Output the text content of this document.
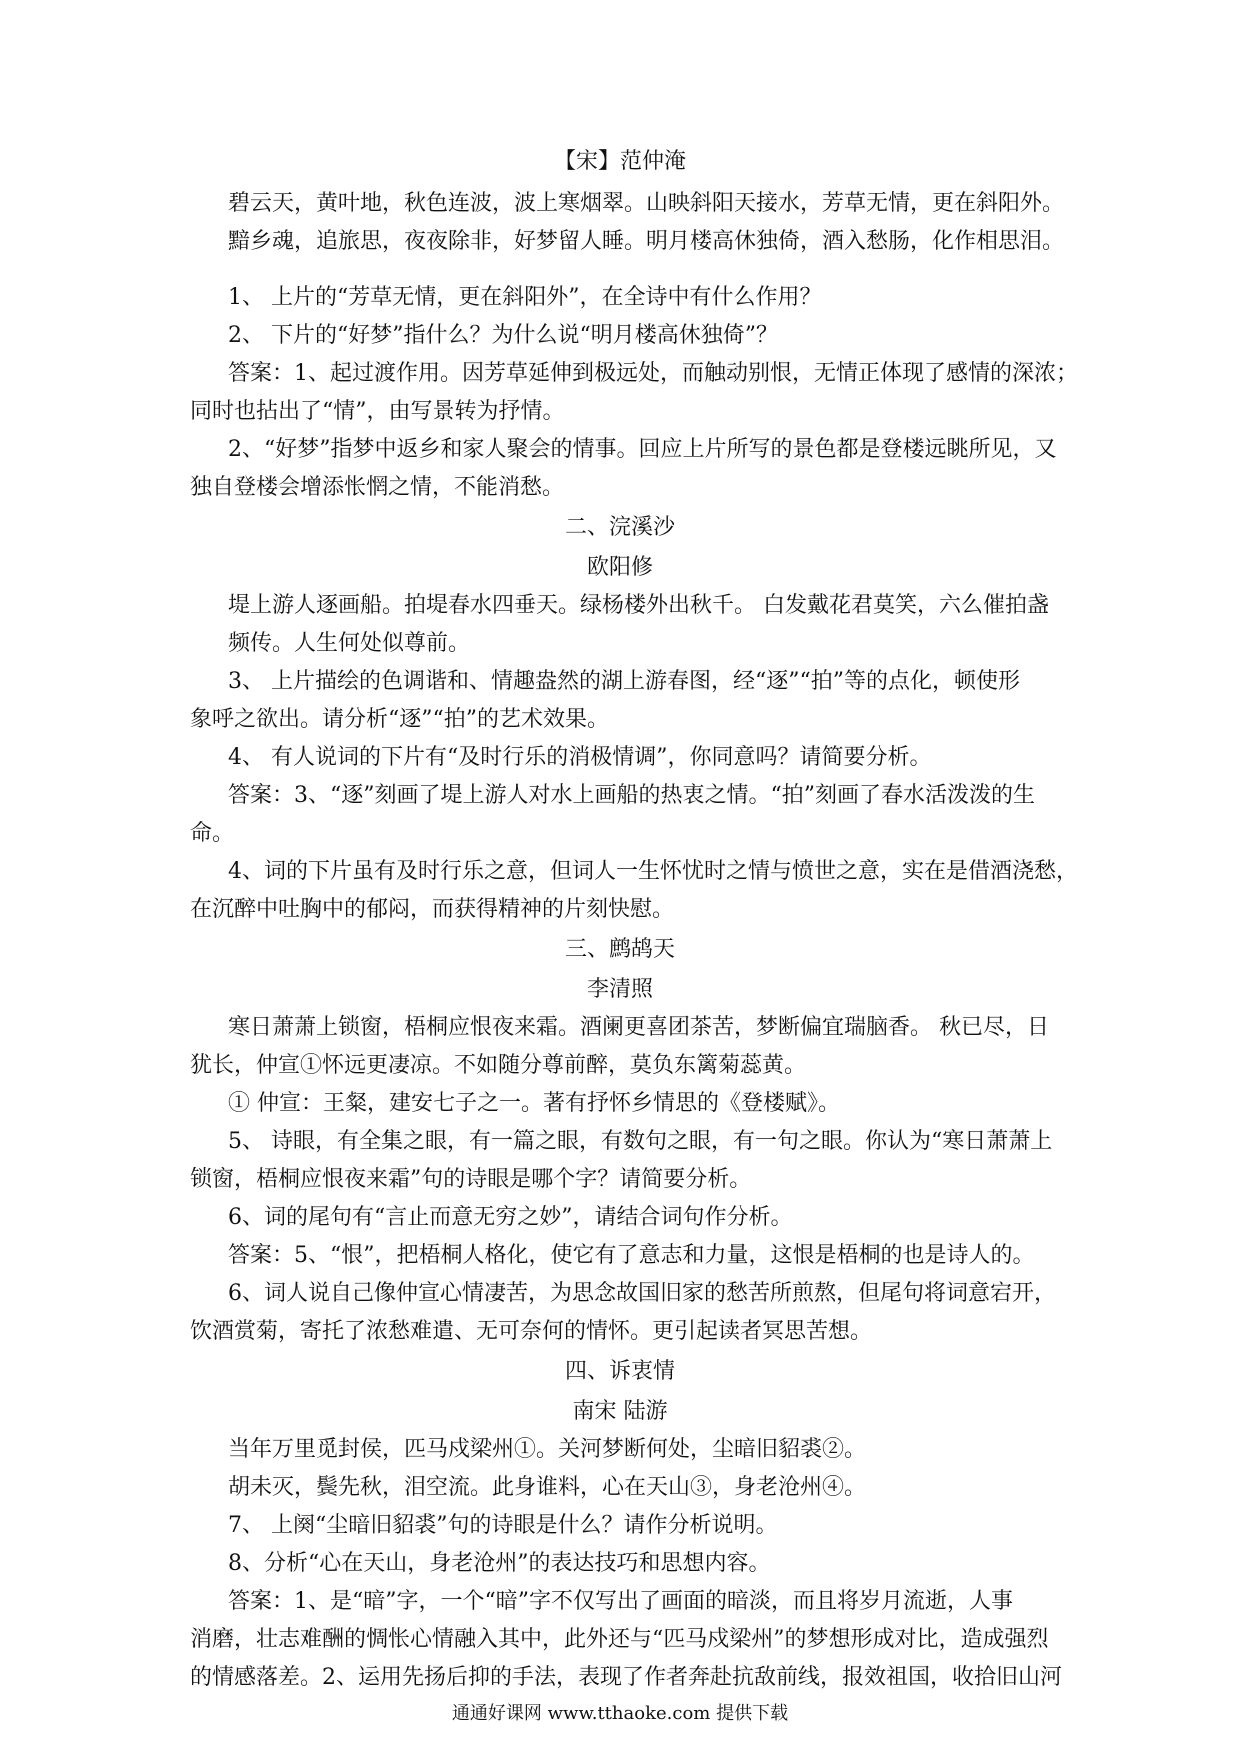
【宋】范仲淹
碧云天，黄叶地，秋色连波，波上寒烟翠。山映斜阳天接水，芳草无情，更在斜阳外。
黯乡魂，追旅思，夜夜除非，好梦留人睡。明月楼高休独倚，酒入愁肠，化作相思泪。
1、 上片的“芳草无情，更在斜阳外”，在全诗中有什么作用？
2、 下片的“好梦”指什么？为什么说“明月楼高休独倚”？
答案：1、起过渡作用。因芳草延伸到极远处，而触动别恨，无情正体现了感情的深浓；
同时也拈出了“情”，由写景转为抒情。
2、“好梦”指梦中返乡和家人聚会的情事。回应上片所写的景色都是登楼远眺所见，又
独自登楼会增添怅惘之情，不能消愁。
二、浣溪沙
欧阳修
堤上游人逐画船。拍堤春水四垂天。绿杨楼外出秋千。 白发戴花君莫笑，六么催拍盏
频传。人生何处似尊前。
3、 上片描绘的色调谐和、情趣盎然的湖上游春图，经“逐”“拍”等的点化，顿使形
象呼之欲出。请分析“逐”“拍”的艺术效果。
4、 有人说词的下片有“及时行乐的消极情调”，你同意吗？请简要分析。
答案：3、“逐”刻画了堤上游人对水上画船的热衷之情。“拍”刻画了春水活泼泼的生
命。
4、词的下片虽有及时行乐之意，但词人一生怀忧时之情与愤世之意，实在是借酒浇愁，
在沉醉中吐胸中的郁闷，而获得精神的片刻快慰。
三、鹧鸪天
李清照
寒日萧萧上锁窗，梧桐应恨夜来霜。酒阑更喜团茶苦，梦断偏宜瑞脑香。 秋已尽，日
犹长，仲宣①怀远更凄凉。不如随分尊前醉，莫负东篱菊蕊黄。
① 仲宣：王粲，建安七子之一。著有抒怀乡情思的《登楼赋》。
5、 诗眼，有全集之眼，有一篇之眼，有数句之眼，有一句之眼。你认为“寒日萧萧上
锁窗，梧桐应恨夜来霜”句的诗眼是哪个字？请简要分析。
6、词的尾句有“言止而意无穷之妙”，请结合词句作分析。
答案：5、“恨”，把梧桐人格化，使它有了意志和力量，这恨是梧桐的也是诗人的。
6、词人说自己像仲宣心情凄苦，为思念故国旧家的愁苦所煎熬，但尾句将词意宕开，
饮酒赏菊，寄托了浓愁难遣、无可奈何的情怀。更引起读者冥思苦想。
四、诉衷情
南宋 陆游
当年万里觅封侯，匹马戍梁州①。关河梦断何处，尘暗旧貂裘②。
胡未灭，鬓先秋，泪空流。此身谁料，心在天山③，身老沧州④。
7、 上阕“尘暗旧貂裘”句的诗眼是什么？请作分析说明。
8、分析“心在天山，身老沧州”的表达技巧和思想内容。
答案：1、是“暗”字，一个“暗”字不仅写出了画面的暗淡，而且将岁月流逝，人事
消磨，壮志难酬的惆怅心情融入其中，此外还与“匹马戍梁州”的梦想形成对比，造成强烈
的情感落差。2、运用先扬后抑的手法，表现了作者奔赴抗敌前线，报效祖国，收拾旧山河
通通好课网 www.tthaoke.com 提供下载
